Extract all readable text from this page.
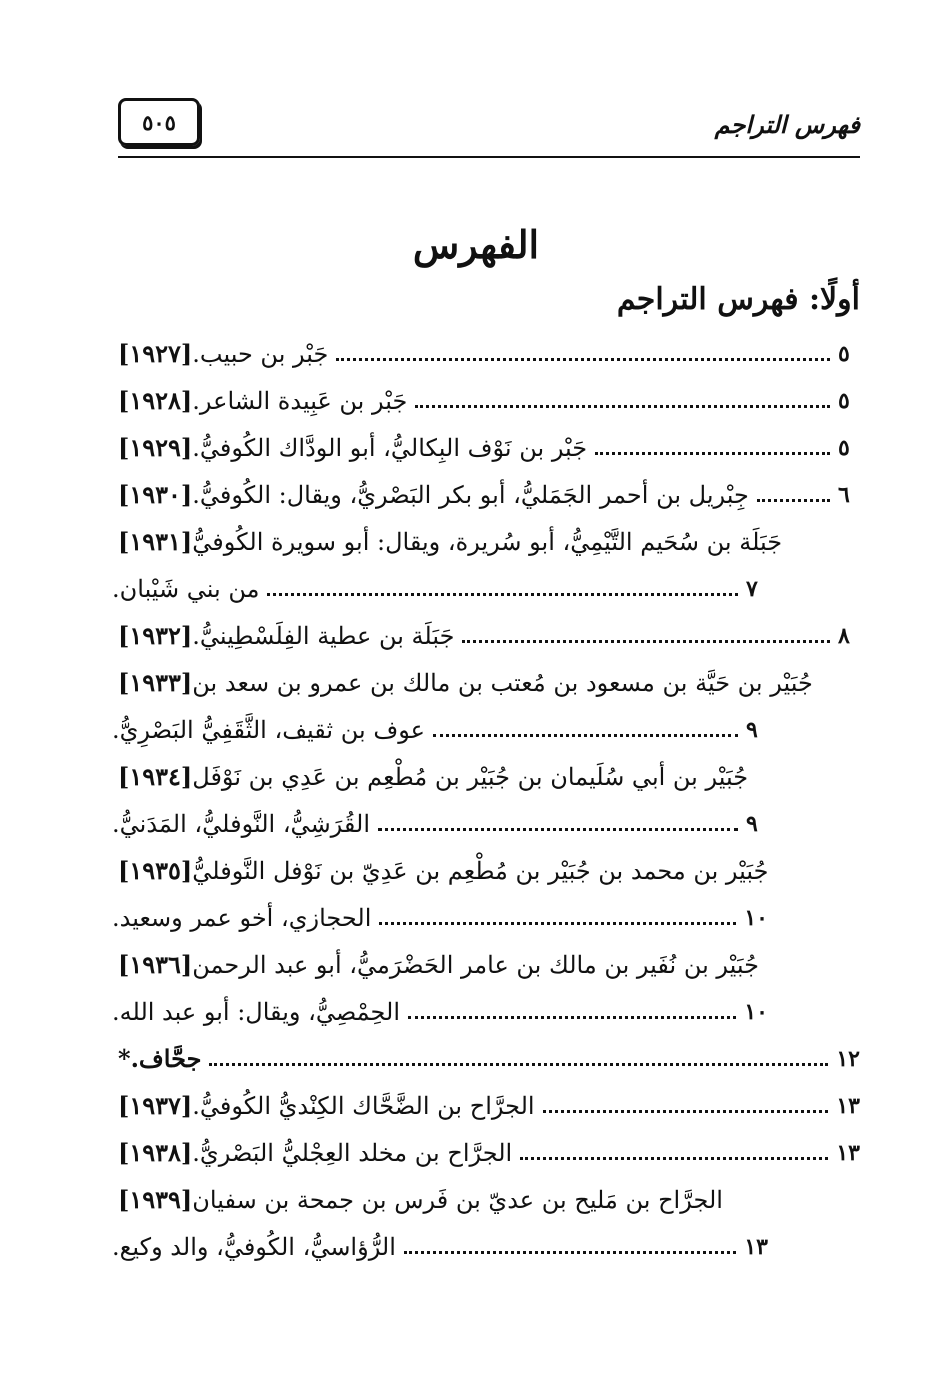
٥٠٥	فهرس التراجم
الفهرس
أولًا: فهرس التراجم
[١٩٢٧] جَبْر بن حبيب.	٥
[١٩٢٨] جَبْر بن عَبِيدة الشاعر.	٥
[١٩٢٩] جَبْر بن نَوْف البِكاليُّ، أبو الودَّاك الكُوفيُّ.	٥
[١٩٣٠] جِبْريل بن أحمر الجَمَليُّ، أبو بكر البَصْريُّ، ويقال: الكُوفيُّ.	٦
[١٩٣١] جَبَلَة بن سُحَيم التَّيْمِيُّ، أبو سُريرة، ويقال: أبو سويرة الكُوفيُّ
من بني شَيْبان.	٧
[١٩٣٢] جَبَلَة بن عطية الفِلَسْطِينيُّ.	٨
[١٩٣٣] جُبَيْر بن حَيَّة بن مسعود بن مُعتب بن مالك بن عمرو بن سعد بن
عوف بن ثقيف، الثَّقَفِيُّ البَصْرِيُّ.	٩
[١٩٣٤] جُبَيْر بن أبي سُلَيمان بن جُبَيْر بن مُطْعِم بن عَدِي بن نَوْفَل
القُرَشِيُّ، النَّوفليُّ، المَدَنيُّ.	٩
[١٩٣٥] جُبَيْر بن محمد بن جُبَيْر بن مُطْعِم بن عَدِيّ بن نَوْفل النَّوفليُّ
الحجازي، أخو عمر وسعيد.	١٠
[١٩٣٦] جُبَيْر بن نُفَير بن مالك بن عامر الحَضْرَميُّ، أبو عبد الرحمن
الحِمْصِيُّ، ويقال: أبو عبد الله.	١٠
* جحَّاف.	١٢
[١٩٣٧] الجرَّاح بن الضَّحَّاك الكِنْديُّ الكُوفيُّ.	١٣
[١٩٣٨] الجرَّاح بن مخلد العِجْليُّ البَصْريُّ.	١٣
[١٩٣٩] الجرَّاح بن مَليح بن عديّ بن فَرس بن جمحة بن سفيان
الرُّؤاسيُّ، الكُوفيُّ، والد وكيع.	١٣
